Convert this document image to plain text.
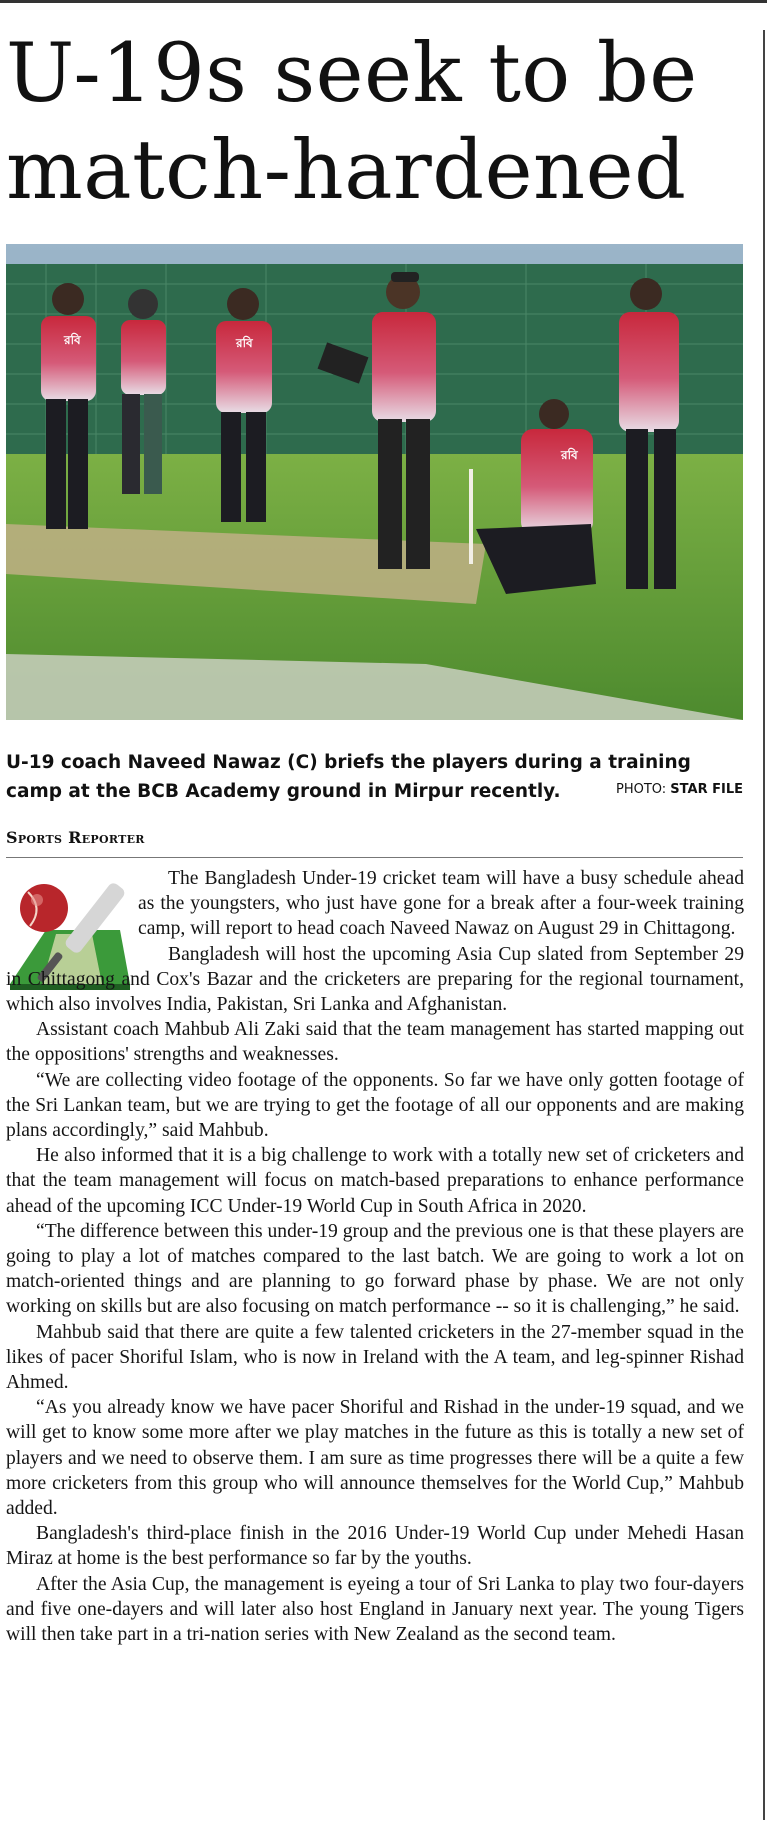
U-19s seek to be match-hardened
রবি	রবি
রবি
U-19 coach Naveed Nawaz (C) briefs the players during a training camp at the BCB Academy ground in Mirpur recently.	PHOTO: STAR FILE
Sports Reporter

The Bangladesh Under-19 cricket team will have a busy schedule ahead as the youngsters, who just have gone for a break after a four-week training camp, will report to head coach Naveed Nawaz on August 29 in Chittagong.

Bangladesh will host the upcoming Asia Cup slated from September 29 in Chittagong and Cox's Bazar and the cricketers are preparing for the regional tournament, which also involves India, Pakistan, Sri Lanka and Afghanistan.

Assistant coach Mahbub Ali Zaki said that the team management has started mapping out the oppositions' strengths and weaknesses.

“We are collecting video footage of the opponents. So far we have only gotten footage of the Sri Lankan team, but we are trying to get the footage of all our opponents and are making plans accordingly,” said Mahbub.

He also informed that it is a big challenge to work with a totally new set of cricketers and that the team management will focus on match-based preparations to enhance performance ahead of the upcoming ICC Under-19 World Cup in South Africa in 2020.

“The difference between this under-19 group and the previous one is that these players are going to play a lot of matches compared to the last batch. We are going to work a lot on match-oriented things and are planning to go forward phase by phase. We are not only working on skills but are also focusing on match performance -- so it is challenging,” he said.

Mahbub said that there are quite a few talented cricketers in the 27-member squad in the likes of pacer Shoriful Islam, who is now in Ireland with the A team, and leg-spinner Rishad Ahmed.

“As you already know we have pacer Shoriful and Rishad in the under-19 squad, and we will get to know some more after we play matches in the future as this is totally a new set of players and we need to observe them. I am sure as time progresses there will be a quite a few more cricketers from this group who will announce themselves for the World Cup,” Mahbub added.

Bangladesh's third-place finish in the 2016 Under-19 World Cup under Mehedi Hasan Miraz at home is the best performance so far by the youths.

After the Asia Cup, the management is eyeing a tour of Sri Lanka to play two four-dayers and five one-dayers and will later also host England in January next year. The young Tigers will then take part in a tri-nation series with New Zealand as the second team.
